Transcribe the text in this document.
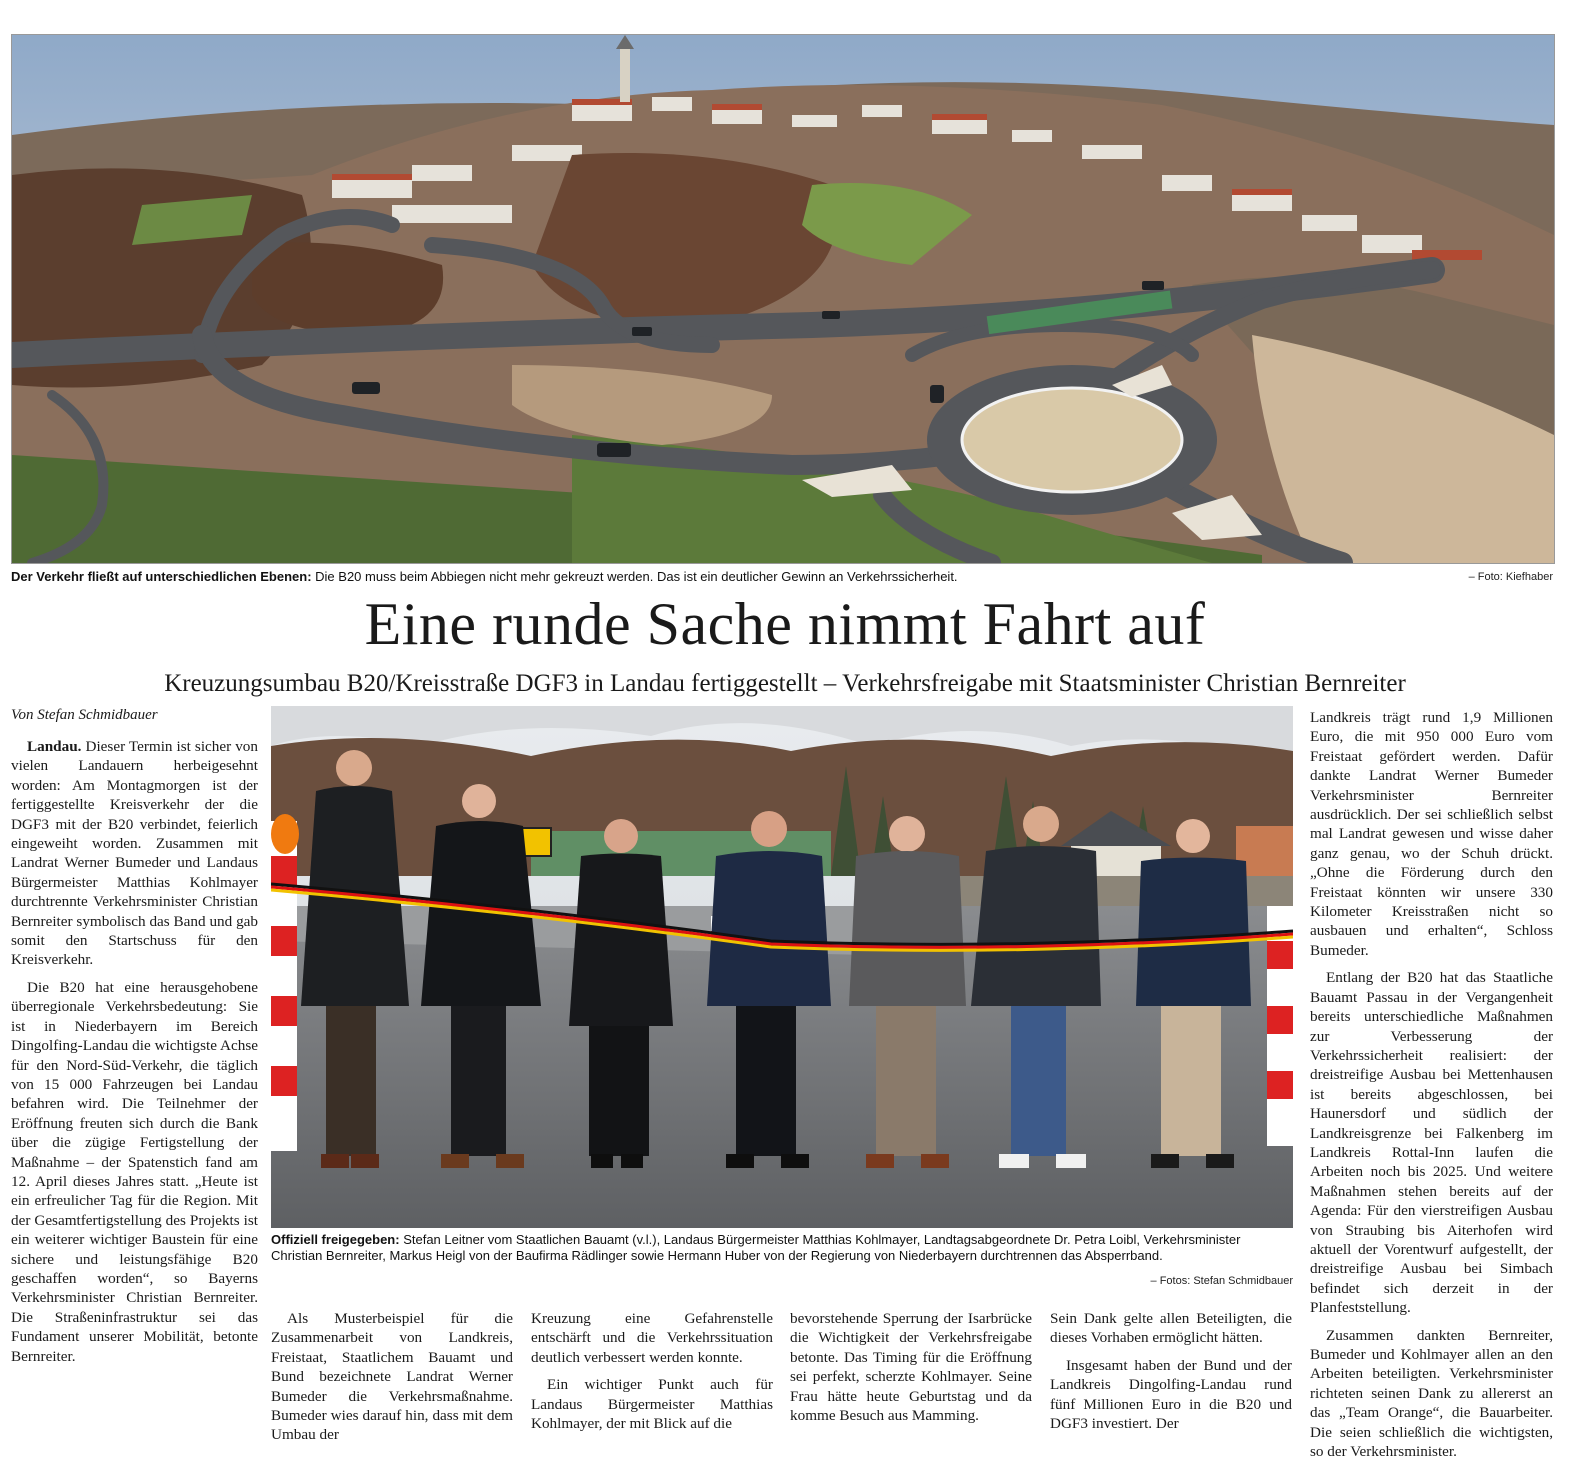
Der Verkehr fließt auf unterschiedlichen Ebenen: Die B20 muss beim Abbiegen nicht mehr gekreuzt werden. Das ist ein deutlicher Gewinn an Verkehrssicherheit.	– Foto: Kiefhaber
Eine runde Sache nimmt Fahrt auf
Kreuzungsumbau B20/Kreisstraße DGF3 in Landau fertiggestellt – Verkehrsfreigabe mit Staatsminister Christian Bernreiter
Von Stefan Schmidbauer

Landau. Dieser Termin ist sicher von vielen Landauern herbeigesehnt worden: Am Montagmorgen ist der fertiggestellte Kreisverkehr der die DGF3 mit der B20 verbindet, feierlich eingeweiht worden. Zusammen mit Landrat Werner Bumeder und Landaus Bürgermeister Matthias Kohlmayer durchtrennte Verkehrsminister Christian Bernreiter symbolisch das Band und gab somit den Startschuss für den Kreisverkehr.

Die B20 hat eine herausgehobene überregionale Verkehrsbedeutung: Sie ist in Niederbayern im Bereich Dingolfing-Landau die wichtigste Achse für den Nord-Süd-Verkehr, die täglich von 15 000 Fahrzeugen bei Landau befahren wird. Die Teilnehmer der Eröffnung freuten sich durch die Bank über die zügige Fertigstellung der Maßnahme – der Spatenstich fand am 12. April dieses Jahres statt. „Heute ist ein erfreulicher Tag für die Region. Mit der Gesamtfertigstellung des Projekts ist ein weiterer wichtiger Baustein für eine sichere und leistungsfähige B20 geschaffen worden“, so Bayerns Verkehrsminister Christian Bernreiter. Die Straßeninfrastruktur sei das Fundament unserer Mobilität, betonte Bernreiter.

Offiziell freigegeben: Stefan Leitner vom Staatlichen Bauamt (v.l.), Landaus Bürgermeister Matthias Kohlmayer, Landtagsabgeordnete Dr. Petra Loibl, Verkehrsminister Christian Bernreiter, Markus Heigl von der Baufirma Rädlinger sowie Hermann Huber von der Regierung von Niederbayern durchtrennen das Absperrband.
– Fotos: Stefan Schmidbauer

Als Musterbeispiel für die Zusammenarbeit von Landkreis, Freistaat, Staatlichem Bauamt und Bund bezeichnete Landrat Werner Bumeder die Verkehrsmaßnahme. Bumeder wies darauf hin, dass mit dem Umbau der

Kreuzung eine Gefahrenstelle entschärft und die Verkehrssituation deutlich verbessert werden konnte.

Ein wichtiger Punkt auch für Landaus Bürgermeister Matthias Kohlmayer, der mit Blick auf die

bevorstehende Sperrung der Isarbrücke die Wichtigkeit der Verkehrsfreigabe betonte. Das Timing für die Eröffnung sei perfekt, scherzte Kohlmayer. Seine Frau hätte heute Geburtstag und da komme Besuch aus Mamming.

Sein Dank gelte allen Beteiligten, die dieses Vorhaben ermöglicht hätten.

Insgesamt haben der Bund und der Landkreis Dingolfing-Landau rund fünf Millionen Euro in die B20 und DGF3 investiert. Der

Landkreis trägt rund 1,9 Millionen Euro, die mit 950 000 Euro vom Freistaat gefördert werden. Dafür dankte Landrat Werner Bumeder Verkehrsminister Bernreiter ausdrücklich. Der sei schließlich selbst mal Landrat gewesen und wisse daher ganz genau, wo der Schuh drückt. „Ohne die Förderung durch den Freistaat könnten wir unsere 330 Kilometer Kreisstraßen nicht so ausbauen und erhalten“, Schloss Bumeder.

Entlang der B20 hat das Staatliche Bauamt Passau in der Vergangenheit bereits unterschiedliche Maßnahmen zur Verbesserung der Verkehrssicherheit realisiert: der dreistreifige Ausbau bei Mettenhausen ist bereits abgeschlossen, bei Haunersdorf und südlich der Landkreisgrenze bei Falkenberg im Landkreis Rottal-Inn laufen die Arbeiten noch bis 2025. Und weitere Maßnahmen stehen bereits auf der Agenda: Für den vierstreifigen Ausbau von Straubing bis Aiterhofen wird aktuell der Vorentwurf aufgestellt, der dreistreifige Ausbau bei Simbach befindet sich derzeit in der Planfeststellung.

Zusammen dankten Bernreiter, Bumeder und Kohlmayer allen an den Arbeiten beteiligten. Verkehrsminister richteten seinen Dank zu allererst an das „Team Orange“, die Bauarbeiter. Die seien schließlich die wichtigsten, so der Verkehrsminister.
